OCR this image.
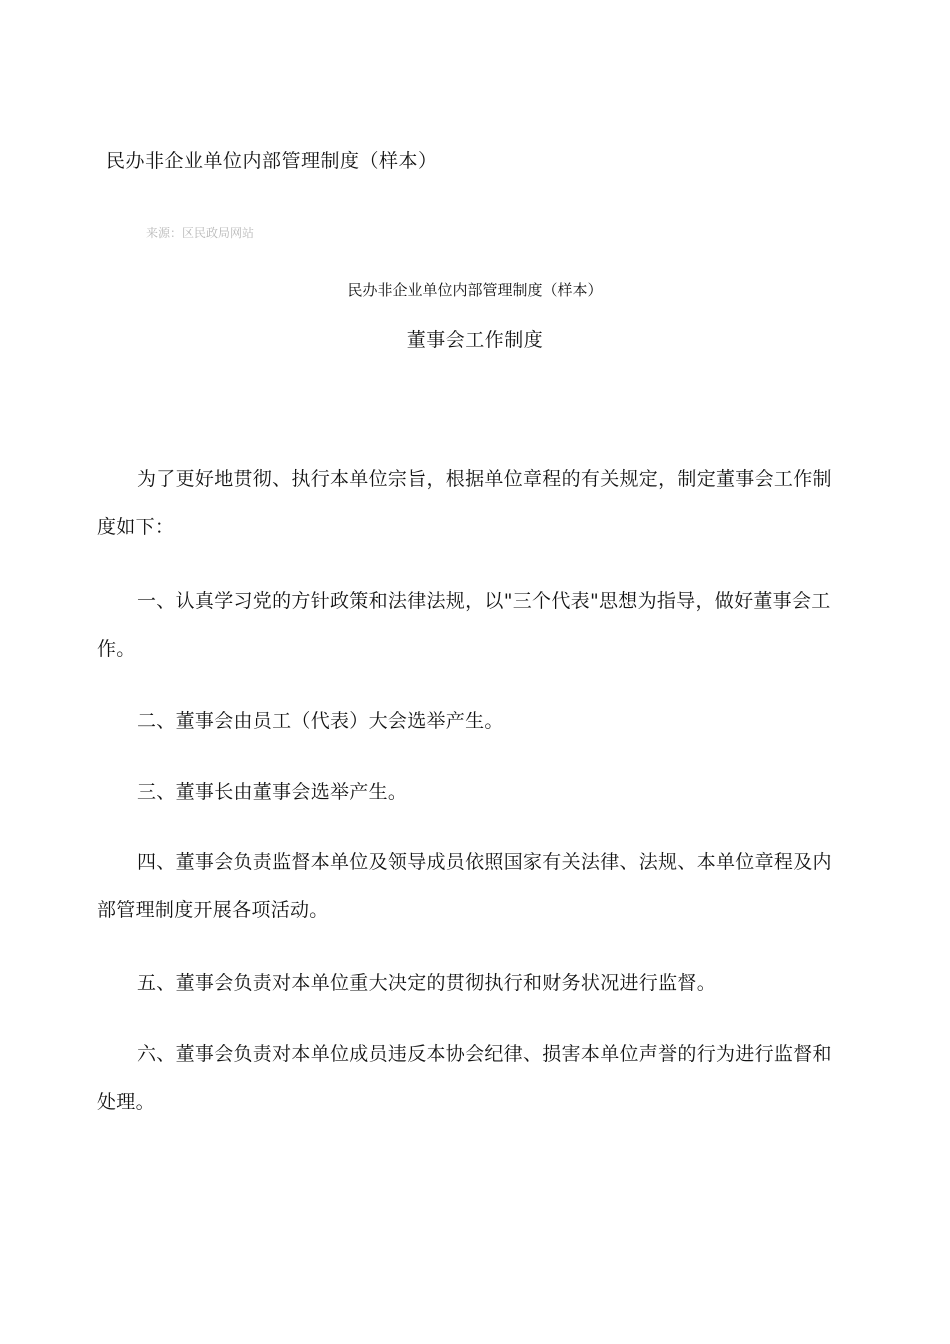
民办非企业单位内部管理制度（样本）
来源：区民政局网站
民办非企业单位内部管理制度（样本）
董事会工作制度
为了更好地贯彻、执行本单位宗旨，根据单位章程的有关规定，制定董事会工作制度如下：
一、认真学习党的方针政策和法律法规，以"三个代表"思想为指导，做好董事会工作。
二、董事会由员工（代表）大会选举产生。
三、董事长由董事会选举产生。
四、董事会负责监督本单位及领导成员依照国家有关法律、法规、本单位章程及内部管理制度开展各项活动。
五、董事会负责对本单位重大决定的贯彻执行和财务状况进行监督。
六、董事会负责对本单位成员违反本协会纪律、损害本单位声誉的行为进行监督和处理。
